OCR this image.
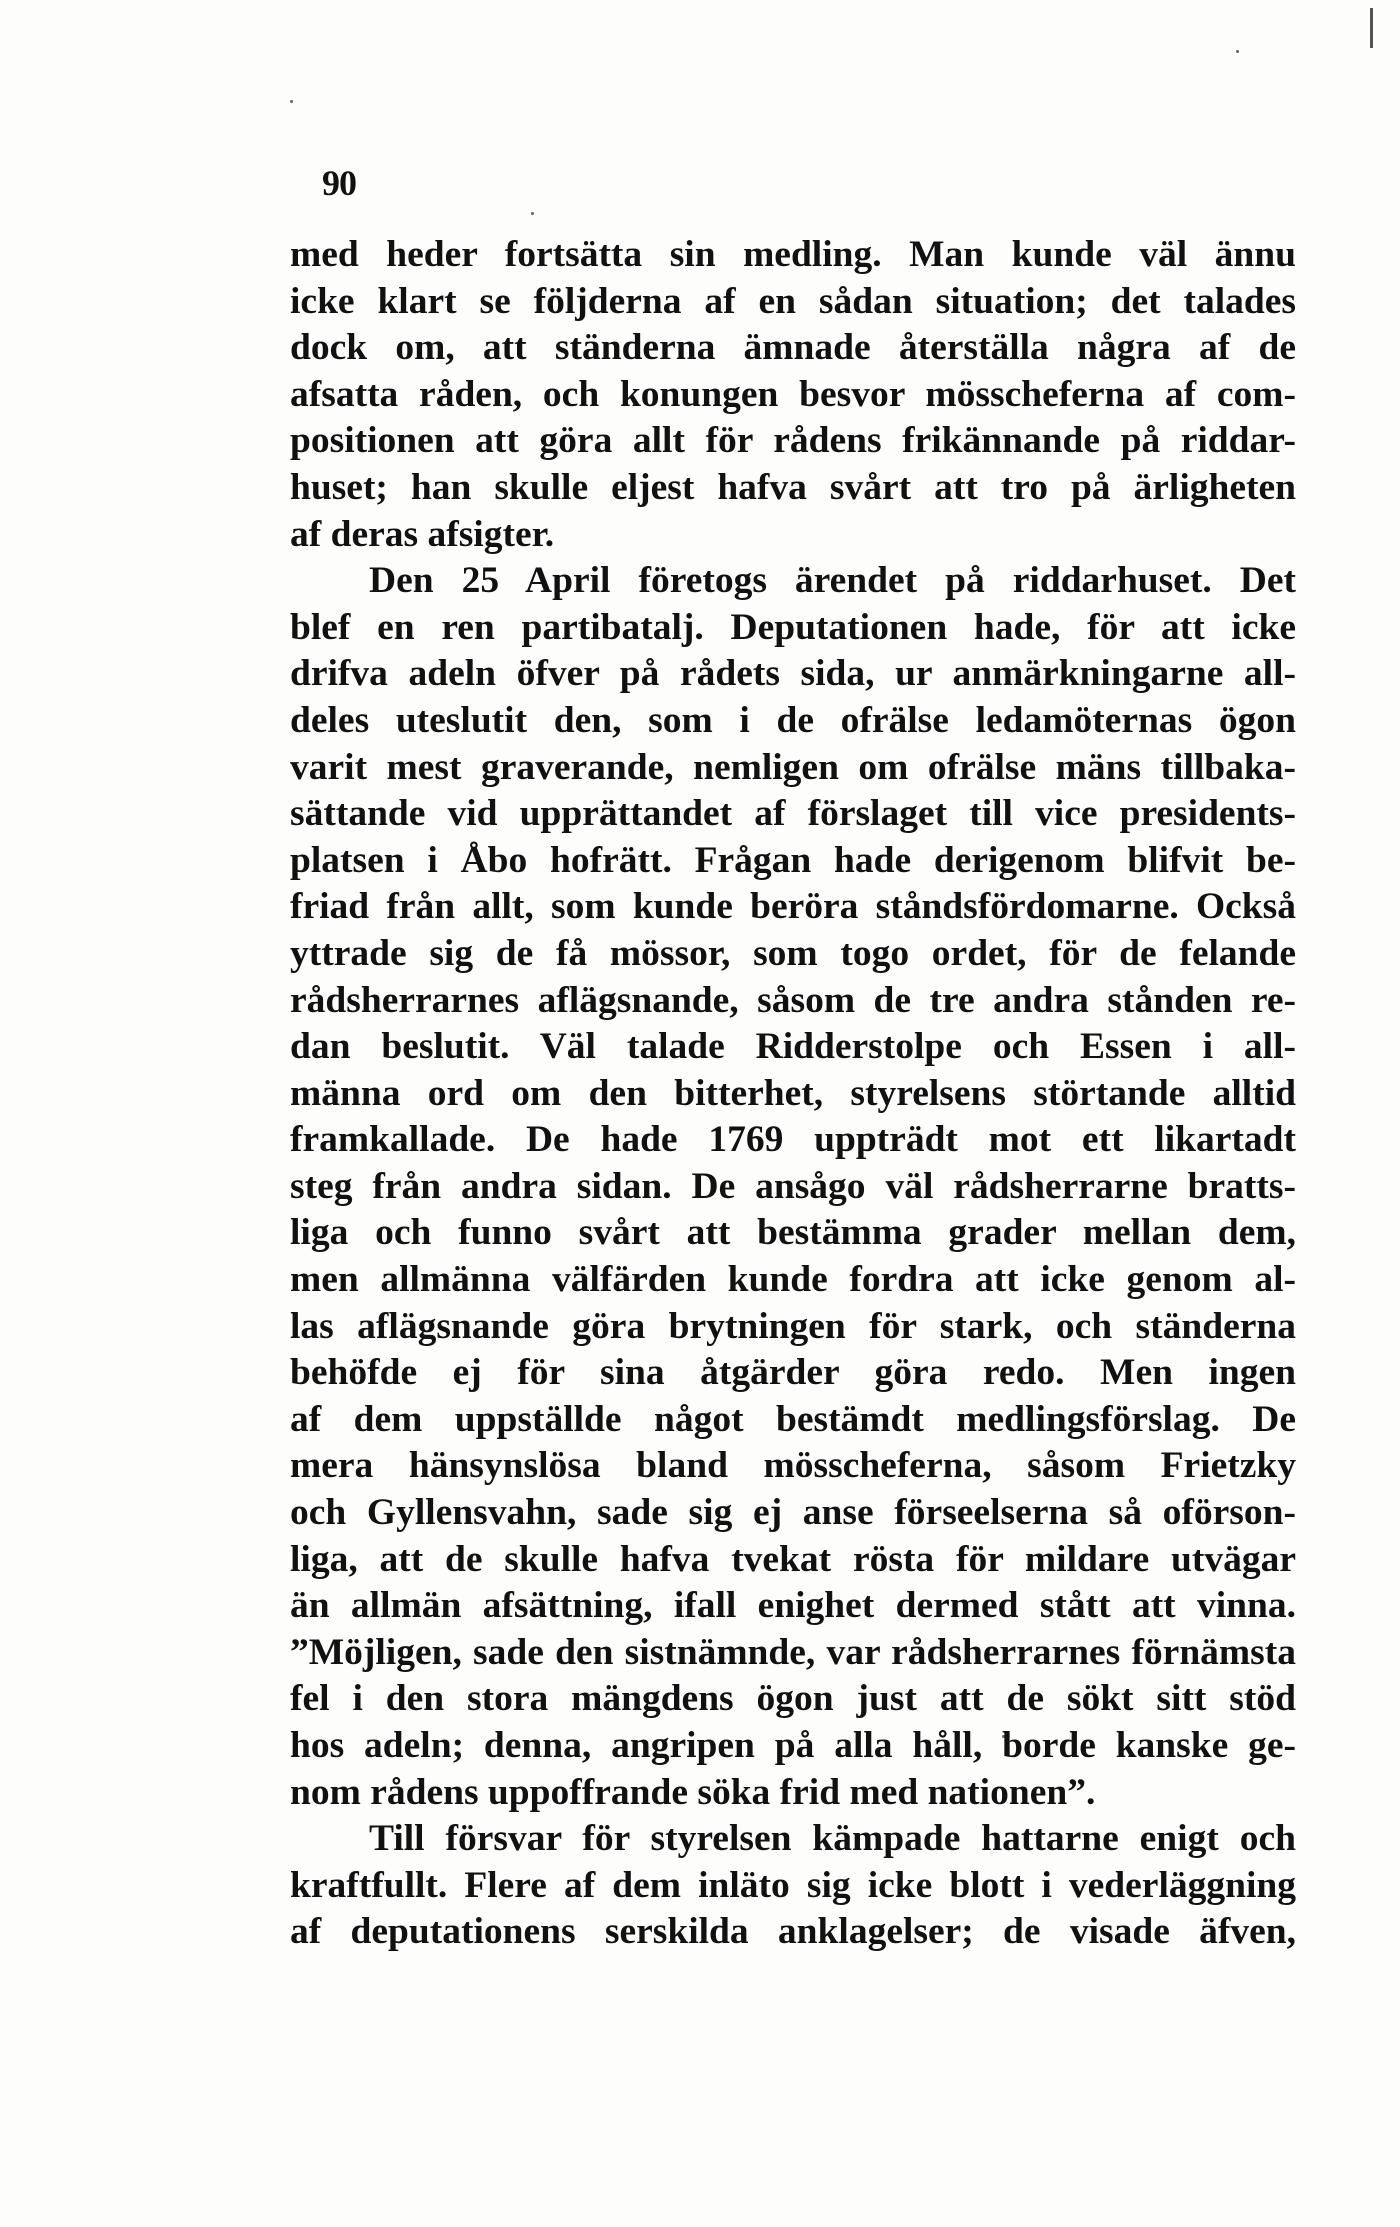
90
med heder fortsätta sin medling. Man kunde väl ännu
icke klart se följderna af en sådan situation; det talades
dock om, att ständerna ämnade återställa några af de
afsatta råden, och konungen besvor mösscheferna af com-
positionen att göra allt för rådens frikännande på riddar-
huset; han skulle eljest hafva svårt att tro på ärligheten
af deras afsigter.
Den 25 April företogs ärendet på riddarhuset. Det
blef en ren partibatalj. Deputationen hade, för att icke
drifva adeln öfver på rådets sida, ur anmärkningarne all-
deles uteslutit den, som i de ofrälse ledamöternas ögon
varit mest graverande, nemligen om ofrälse mäns tillbaka-
sättande vid upprättandet af förslaget till vice presidents-
platsen i Åbo hofrätt. Frågan hade derigenom blifvit be-
friad från allt, som kunde beröra ståndsfördomarne. Också
yttrade sig de få mössor, som togo ordet, för de felande
rådsherrarnes aflägsnande, såsom de tre andra stånden re-
dan beslutit. Väl talade Ridderstolpe och Essen i all-
männa ord om den bitterhet, styrelsens störtande alltid
framkallade. De hade 1769 uppträdt mot ett likartadt
steg från andra sidan. De ansågo väl rådsherrarne bratts-
liga och funno svårt att bestämma grader mellan dem,
men allmänna välfärden kunde fordra att icke genom al-
las aflägsnande göra brytningen för stark, och ständerna
behöfde ej för sina åtgärder göra redo. Men ingen
af dem uppställde något bestämdt medlingsförslag. De
mera hänsynslösa bland mösscheferna, såsom Frietzky
och Gyllensvahn, sade sig ej anse förseelserna så oförson-
liga, att de skulle hafva tvekat rösta för mildare utvägar
än allmän afsättning, ifall enighet dermed stått att vinna.
”Möjligen, sade den sistnämnde, var rådsherrarnes förnämsta
fel i den stora mängdens ögon just att de sökt sitt stöd
hos adeln; denna, angripen på alla håll, borde kanske ge-
nom rådens uppoffrande söka frid med nationen”.
Till försvar för styrelsen kämpade hattarne enigt och
kraftfullt. Flere af dem inläto sig icke blott i vederläggning
af deputationens serskilda anklagelser; de visade äfven,
